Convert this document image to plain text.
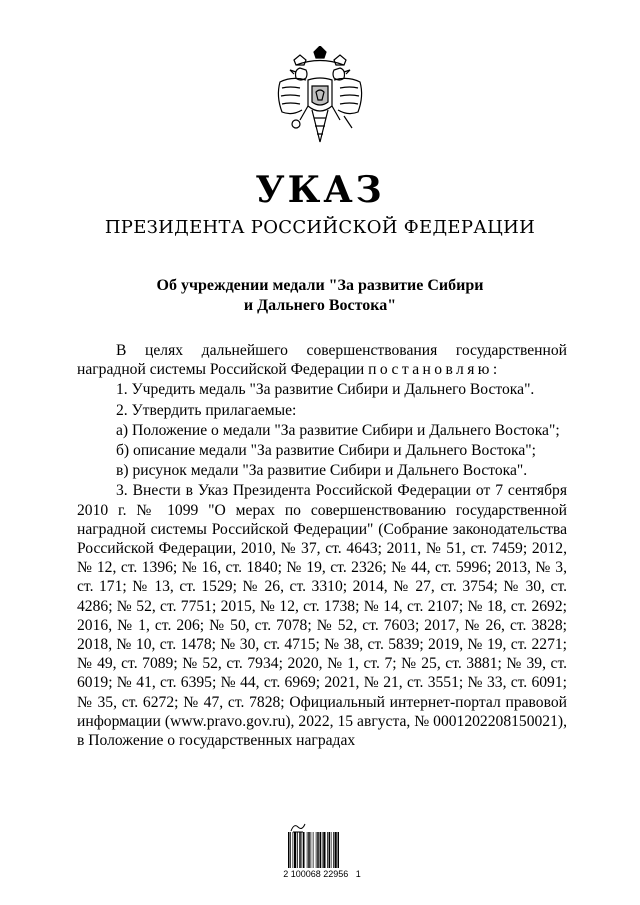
УКАЗ
ПРЕЗИДЕНТА РОССИЙСКОЙ ФЕДЕРАЦИИ
Об учреждении медали "За развитие Сибири
и Дальнего Востока"

В целях дальнейшего совершенствования государственной наградной системы Российской Федерации постановляю:

1. Учредить медаль "За развитие Сибири и Дальнего Востока".

2. Утвердить прилагаемые:

а) Положение о медали "За развитие Сибири и Дальнего Востока";

б) описание медали "За развитие Сибири и Дальнего Востока";

в) рисунок медали "За развитие Сибири и Дальнего Востока".

3. Внести в Указ Президента Российской Федерации от 7 сентября 2010 г. № 1099 "О мерах по совершенствованию государственной наградной системы Российской Федерации" (Собрание законодательства Российской Федерации, 2010, № 37, ст. 4643; 2011, № 51, ст. 7459; 2012, № 12, ст. 1396; № 16, ст. 1840; № 19, ст. 2326; № 44, ст. 5996; 2013, № 3, ст. 171; № 13, ст. 1529; № 26, ст. 3310; 2014, № 27, ст. 3754; № 30, ст. 4286; № 52, ст. 7751; 2015, № 12, ст. 1738; № 14, ст. 2107; № 18, ст. 2692; 2016, № 1, ст. 206; № 50, ст. 7078; № 52, ст. 7603; 2017, № 26, ст. 3828; 2018, № 10, ст. 1478; № 30, ст. 4715; № 38, ст. 5839; 2019, № 19, ст. 2271; № 49, ст. 7089; № 52, ст. 7934; 2020, № 1, ст. 7; № 25, ст. 3881; № 39, ст. 6019; № 41, ст. 6395; № 44, ст. 6969; 2021, № 21, ст. 3551; № 33, ст. 6091; № 35, ст. 6272; № 47, ст. 7828; Официальный интернет-портал правовой информации (www.pravo.gov.ru), 2022, 15 августа, № 0001202208150021), в Положение о государственных наградах

2 100068 22956   1
